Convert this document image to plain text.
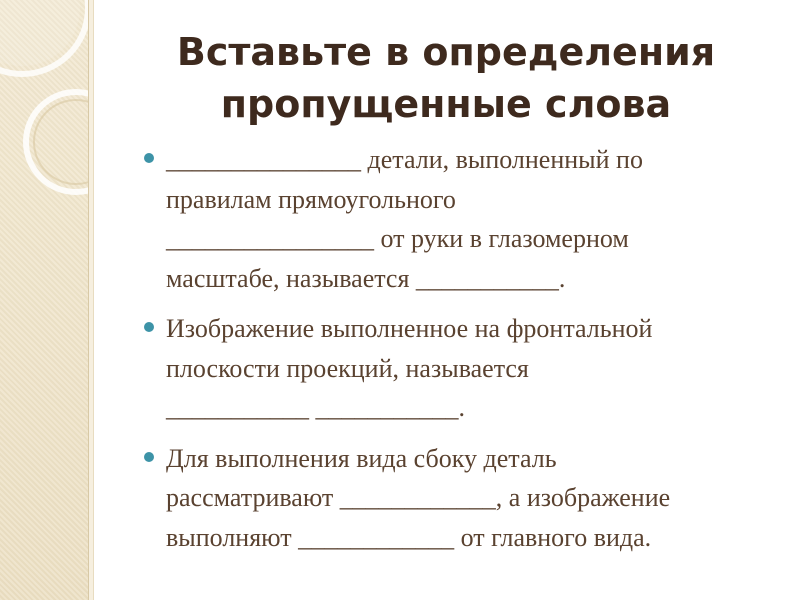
Вставьте в определения
пропущенные слова
_______________ детали, выполненный по
правилам прямоугольного
________________ от руки в глазомерном
масштабе, называется ___________.
Изображение выполненное на фронтальной
плоскости проекций, называется
___________ ___________.
Для выполнения вида сбоку деталь
рассматривают ____________, а изображение
выполняют ____________ от главного вида.
